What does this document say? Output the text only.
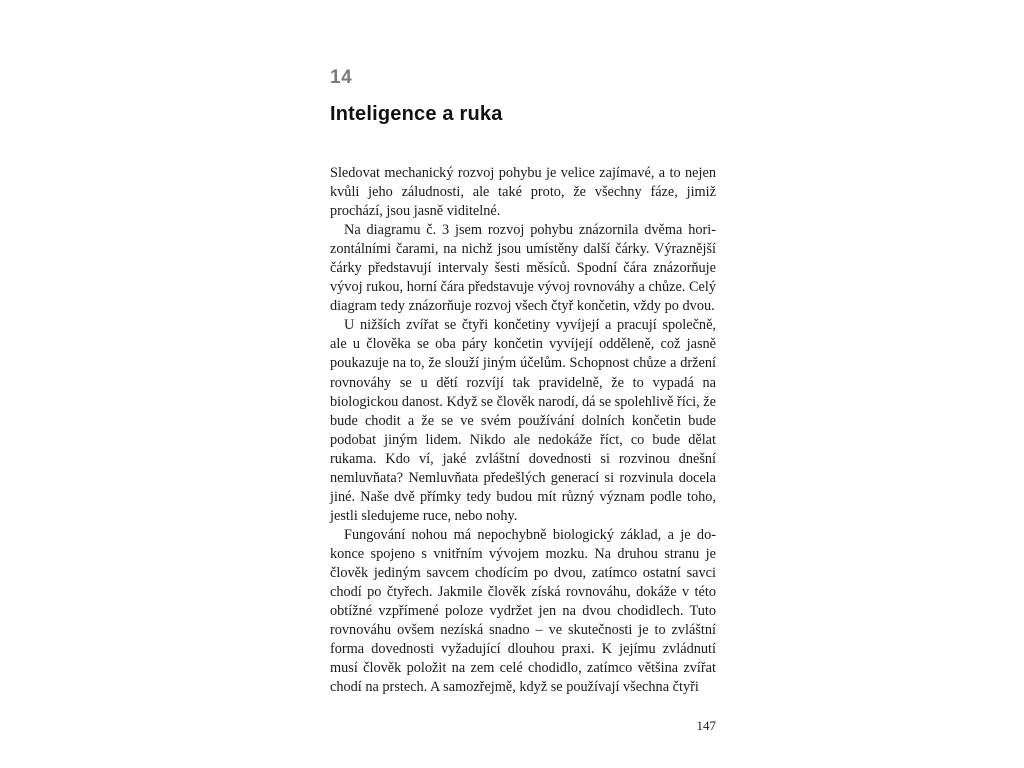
14
Inteligence a ruka

Sledovat mechanický rozvoj pohybu je velice zajímavé, a to nejen kvůli jeho záludnosti, ale také proto, že všechny fáze, jimiž prochází, jsou jasně viditelné.

Na diagramu č. 3 jsem rozvoj pohybu znázornila dvěma horizontálními čarami, na nichž jsou umístěny další čárky. Výraznější čárky představují intervaly šesti měsíců. Spodní čára znázorňuje vývoj rukou, horní čára představuje vývoj rovnováhy a chůze. Celý diagram tedy znázorňuje rozvoj všech čtyř končetin, vždy po dvou.

U nižších zvířat se čtyři končetiny vyvíjejí a pracují společně, ale u člověka se oba páry končetin vyvíjejí odděleně, což jasně poukazuje na to, že slouží jiným účelům. Schopnost chůze a držení rovnováhy se u dětí rozvíjí tak pravidelně, že to vypadá na biologickou danost. Když se člověk narodí, dá se spolehlivě říci, že bude chodit a že se ve svém používání dolních končetin bude podobat jiným lidem. Nikdo ale nedokáže říct, co bude dělat rukama. Kdo ví, jaké zvláštní dovednosti si rozvinou dnešní nemluvňata? Nemluvňata předešlých generací si rozvinula docela jiné. Naše dvě přímky tedy budou mít různý význam podle toho, jestli sledujeme ruce, nebo nohy.

Fungování nohou má nepochybně biologický základ, a je dokonce spojeno s vnitřním vývojem mozku. Na druhou stranu je člověk jediným savcem chodícím po dvou, zatímco ostatní savci chodí po čtyřech. Jakmile člověk získá rovnováhu, dokáže v této obtížné vzpřímené poloze vydržet jen na dvou chodidlech. Tuto rovnováhu ovšem nezíská snadno – ve skutečnosti je to zvláštní forma dovednosti vyžadující dlouhou praxi. K jejímu zvládnutí musí člověk položit na zem celé chodidlo, zatímco většina zvířat chodí na prstech. A samozřejmě, když se používají všechna čtyři

147
